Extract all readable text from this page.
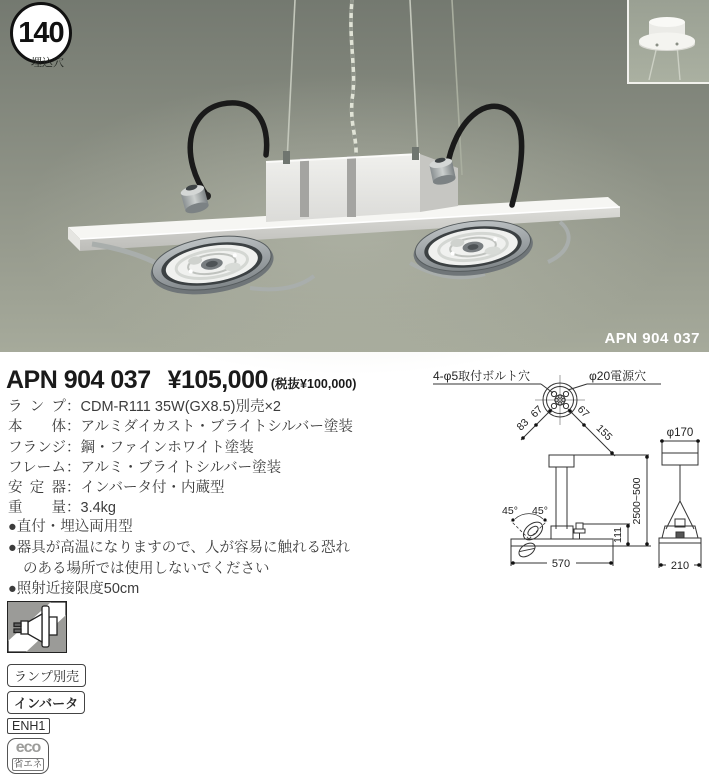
140
埋込穴
APN 904 037
APN 904 037 ¥105,000 (税抜¥100,000)
ランプ：CDM-R111 35W(GX8.5)別売×2
本体：アルミダイカスト・ブライトシルバー塗装
フランジ：鋼・ファインホワイト塗装
フレーム：アルミ・ブライトシルバー塗装
安定器：インバータ付・内蔵型
重量：3.4kg
●直付・埋込両用型
●器具が高温になりますので、人が容易に触れる恐れのある場所では使用しないでください
●照射近接限度50cm
ランプ別売
インバータ
ENH1
eco
省エネ
4-φ5取付ボルト穴	φ20電源穴
67
83
67
155
45° 45°
570
111
2500~500
φ170
210
